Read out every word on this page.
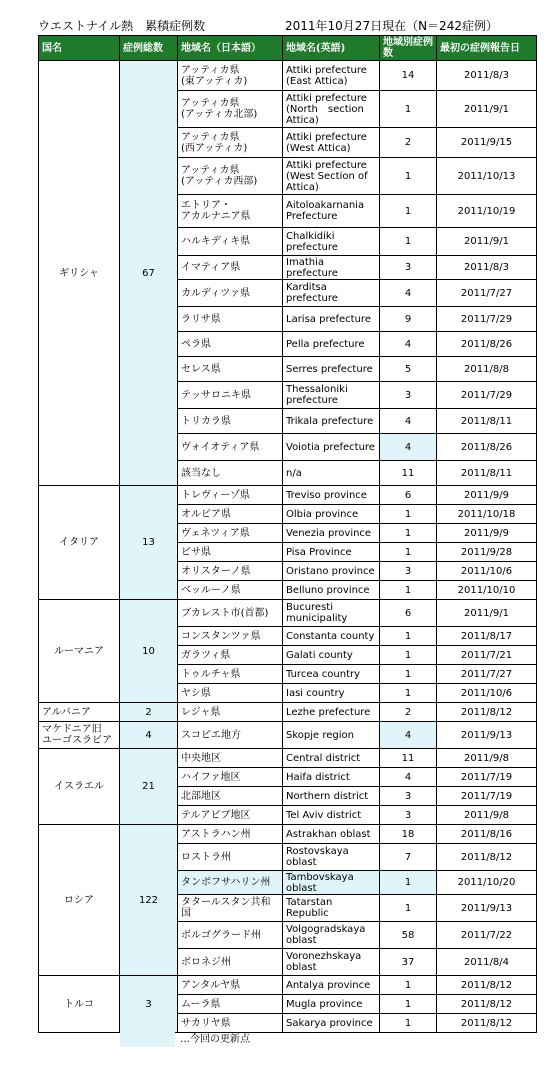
ウエストナイル熱　累積症例数	2011年10月27日現在（N＝242症例）
国名	症例総数	地域名（日本語）	地域名(英語)	地域別症例数	最初の症例報告日
ギリシャ	67	アッティカ県
(東アッティカ)	Attiki prefecture
(East Attica)	14	2011/8/3
		アッティカ県
(アッティカ北部)	Attiki prefecture
(North　section
Attica)	1	2011/9/1
		アッティカ県
(西アッティカ)	Attiki prefecture
(West Attica)	2	2011/9/15
		アッティカ県
(アッティカ西部)	Attiki prefecture
(West Section of
Attica)	1	2011/10/13
		エトリア・
アカルナニア県	Aitoloakarnania
Prefecture	1	2011/10/19
		ハルキディキ県	Chalkidiki
prefecture	1	2011/9/1
		イマティア県	Imathia prefecture	3	2011/8/3
		カルディツァ県	Karditsa
prefecture	4	2011/7/27
		ラリサ県	Larisa prefecture	9	2011/7/29
		ペラ県	Pella prefecture	4	2011/8/26
		セレス県	Serres prefecture	5	2011/8/8
		テッサロニキ県	Thessaloniki
prefecture	3	2011/7/29
		トリカラ県	Trikala prefecture	4	2011/8/11
		ヴォイオティア県	Voiotia prefecture	4	2011/8/26
		該当なし	n/a	11	2011/8/11
イタリア	13	トレヴィーゾ県	Treviso province	6	2011/9/9
		オルビア県	Olbia province	1	2011/10/18
		ヴェネツィア県	Venezia province	1	2011/9/9
		ピサ県	Pisa Province	1	2011/9/28
		オリスターノ県	Oristano province	3	2011/10/6
		ベッルーノ県	Belluno province	1	2011/10/10
ルーマニア	10	ブカレスト市(首都)	Bucuresti
municipality	6	2011/9/1
		コンスタンツァ県	Constanta county	1	2011/8/17
		ガラツィ県	Galati county	1	2011/7/21
		トゥルチャ県	Turcea country	1	2011/7/27
		ヤシ県	Iasi country	1	2011/10/6
アルバニア	2	レジャ県	Lezhe prefecture	2	2011/8/12
マケドニア旧
ユーゴスラビア	4	スコピエ地方	Skopje region	4	2011/9/13
イスラエル	21	中央地区	Central district	11	2011/9/8
		ハイファ地区	Haifa district	4	2011/7/19
		北部地区	Northern district	3	2011/7/19
		テルアビブ地区	Tel Aviv district	3	2011/9/8
ロシア	122	アストラハン州	Astrakhan oblast	18	2011/8/16
		ロストラ州	Rostovskaya
oblast	7	2011/8/12
		タンボフサハリン州	Tambovskaya
oblast	1	2011/10/20
		タタールスタン共和
国	Tatarstan
Republic	1	2011/9/13
		ボルゴグラード州	Volgogradskaya
oblast	58	2011/7/22
		ボロネジ州	Voronezhskaya
oblast	37	2011/8/4
トルコ	3	アンタルヤ県	Antalya province	1	2011/8/12
		ムーラ県	Mugla province	1	2011/8/12
		サカリヤ県	Sakarya province	1	2011/8/12
…今回の更新点
